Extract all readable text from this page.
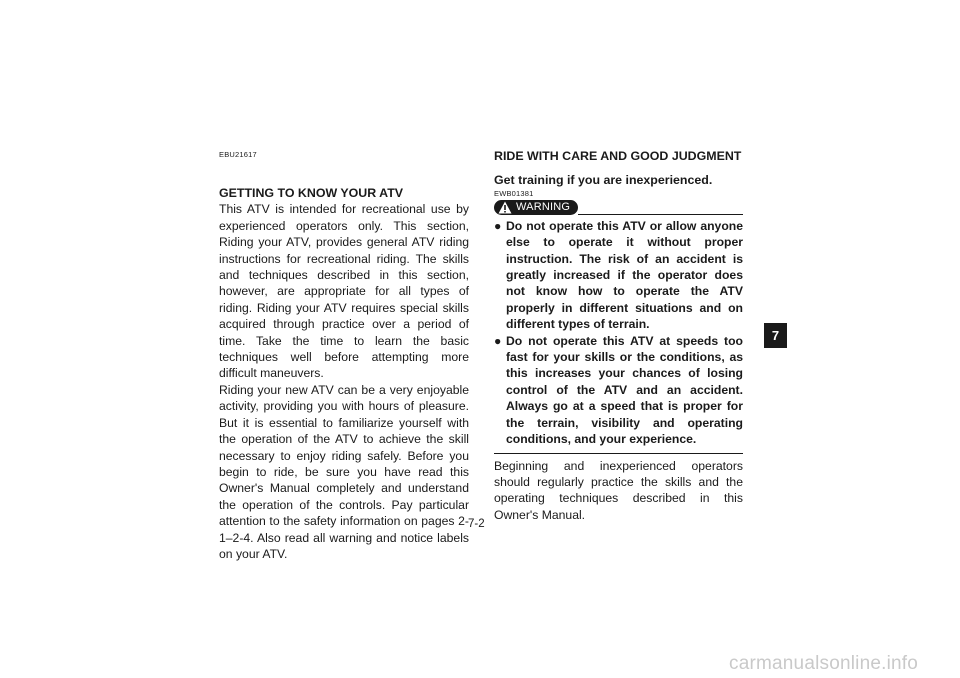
EBU21617
GETTING TO KNOW YOUR ATV

This ATV is intended for recreational use by experienced operators only. This section, Riding your ATV, provides general ATV riding instructions for recreational riding. The skills and techniques described in this section, however, are appropriate for all types of riding. Riding your ATV requires special skills acquired through practice over a period of time. Take the time to learn the basic techniques well before attempting more difficult maneuvers.

Riding your new ATV can be a very enjoyable activity, providing you with hours of pleasure. But it is essential to familiarize yourself with the operation of the ATV to achieve the skill necessary to enjoy riding safely. Before you begin to ride, be sure you have read this Owner's Manual completely and understand the operation of the controls. Pay particular attention to the safety information on pages 2-1–2-4. Also read all warning and notice labels on your ATV.

RIDE WITH CARE AND GOOD JUDGMENT
Get training if you are inexperienced.
EWB01381
WARNING
● Do not operate this ATV or allow anyone else to operate it without proper instruction. The risk of an accident is greatly increased if the operator does not know how to operate the ATV properly in different situations and on different types of terrain.
● Do not operate this ATV at speeds too fast for your skills or the conditions, as this increases your chances of losing control of the ATV and an accident. Always go at a speed that is proper for the terrain, visibility and operating conditions, and your experience.

Beginning and inexperienced operators should regularly practice the skills and the operating techniques described in this Owner's Manual.

7
7-2
carmanualsonline.info
